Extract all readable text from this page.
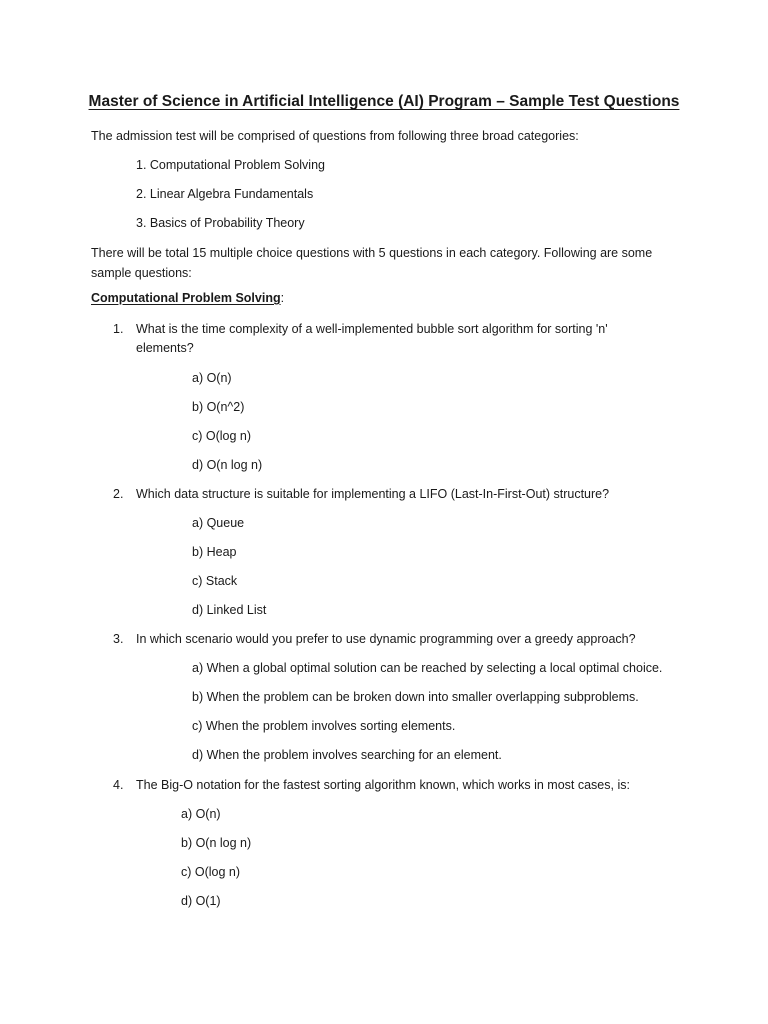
Master of Science in Artificial Intelligence (AI) Program – Sample Test Questions
The admission test will be comprised of questions from following three broad categories:
1. Computational Problem Solving
2. Linear Algebra Fundamentals
3. Basics of Probability Theory
There will be total 15 multiple choice questions with 5 questions in each category. Following are some sample questions:
Computational Problem Solving:
1. What is the time complexity of a well-implemented bubble sort algorithm for sorting 'n' elements?
a) O(n)
b) O(n^2)
c) O(log n)
d) O(n log n)
2. Which data structure is suitable for implementing a LIFO (Last-In-First-Out) structure?
a) Queue
b) Heap
c) Stack
d) Linked List
3. In which scenario would you prefer to use dynamic programming over a greedy approach?
a) When a global optimal solution can be reached by selecting a local optimal choice.
b) When the problem can be broken down into smaller overlapping subproblems.
c) When the problem involves sorting elements.
d) When the problem involves searching for an element.
4. The Big-O notation for the fastest sorting algorithm known, which works in most cases, is:
a) O(n)
b) O(n log n)
c) O(log n)
d) O(1)
